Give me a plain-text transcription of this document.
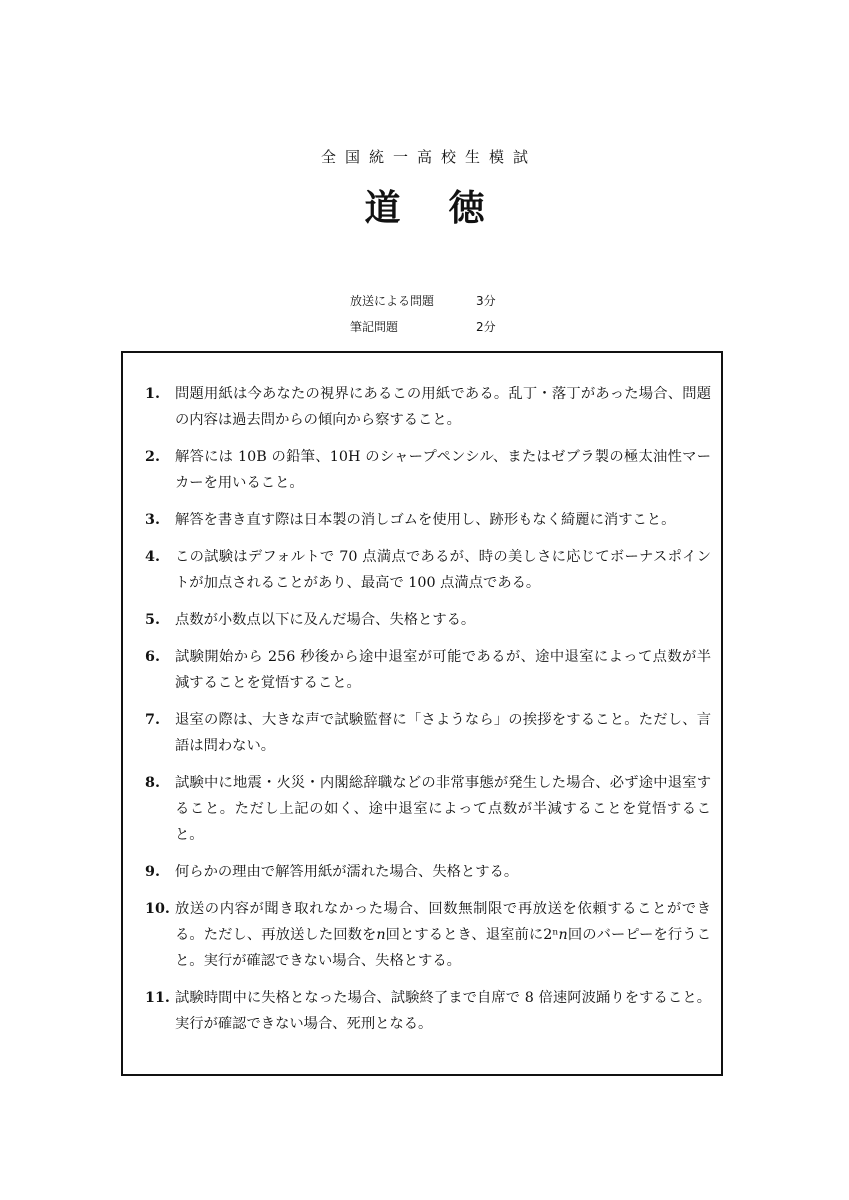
全国統一高校生模試
道徳
放送による問題	3分
筆記問題	2分
1.	問題用紙は今あなたの視界にあるこの用紙である。乱丁・落丁があった場合、問題の内容は過去問からの傾向から察すること。
2.	解答には 10B の鉛筆、10H のシャープペンシル、またはゼブラ製の極太油性マーカーを用いること。
3.	解答を書き直す際は日本製の消しゴムを使用し、跡形もなく綺麗に消すこと。
4.	この試験はデフォルトで 70 点満点であるが、時の美しさに応じてボーナスポイントが加点されることがあり、最高で 100 点満点である。
5.	点数が小数点以下に及んだ場合、失格とする。
6.	試験開始から 256 秒後から途中退室が可能であるが、途中退室によって点数が半減することを覚悟すること。
7.	退室の際は、大きな声で試験監督に「さようなら」の挨拶をすること。ただし、言語は問わない。
8.	試験中に地震・火災・内閣総辞職などの非常事態が発生した場合、必ず途中退室すること。ただし上記の如く、途中退室によって点数が半減することを覚悟すること。
9.	何らかの理由で解答用紙が濡れた場合、失格とする。
10. 放送の内容が聞き取れなかった場合、回数無制限で再放送を依頼することができる。ただし、再放送した回数を𝑛回とするとき、退室前に2ⁿ𝑛回のバーピーを行うこと。実行が確認できない場合、失格とする。
11. 試験時間中に失格となった場合、試験終了まで自席で 8 倍速阿波踊りをすること。実行が確認できない場合、死刑となる。
